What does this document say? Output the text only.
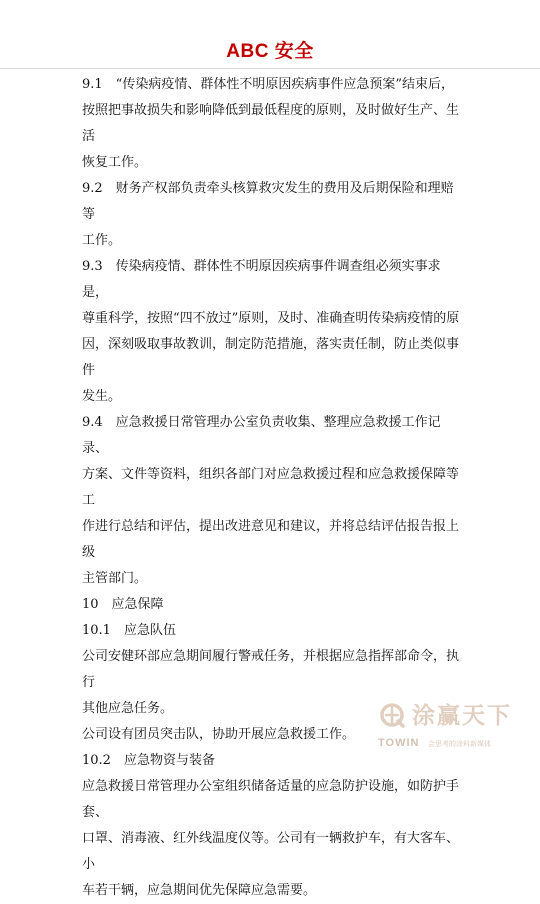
ABC 安全

9.1　“传染病疫情、群体性不明原因疾病事件应急预案”结束后，
按照把事故损失和影响降低到最低程度的原则，及时做好生产、生活
恢复工作。

9.2　财务产权部负责牵头核算救灾发生的费用及后期保险和理赔等
工作。

9.3　传染病疫情、群体性不明原因疾病事件调查组必须实事求是，
尊重科学，按照“四不放过”原则，及时、准确查明传染病疫情的原
因，深刻吸取事故教训，制定防范措施，落实责任制，防止类似事件
发生。

9.4　应急救援日常管理办公室负责收集、整理应急救援工作记录、
方案、文件等资料，组织各部门对应急救援过程和应急救援保障等工
作进行总结和评估，提出改进意见和建议，并将总结评估报告报上级
主管部门。

10　应急保障

10.1　应急队伍

公司安健环部应急期间履行警戒任务，并根据应急指挥部命令，执行
其他应急任务。

公司设有团员突击队，协助开展应急救援工作。

10.2　应急物资与装备

应急救援日常管理办公室组织储备适量的应急防护设施，如防护手套、
口罩、消毒液、红外线温度仪等。公司有一辆救护车，有大客车、小
车若干辆，应急期间优先保障应急需要。

涂赢天下
TOWIN 会思考的涂料新媒体
